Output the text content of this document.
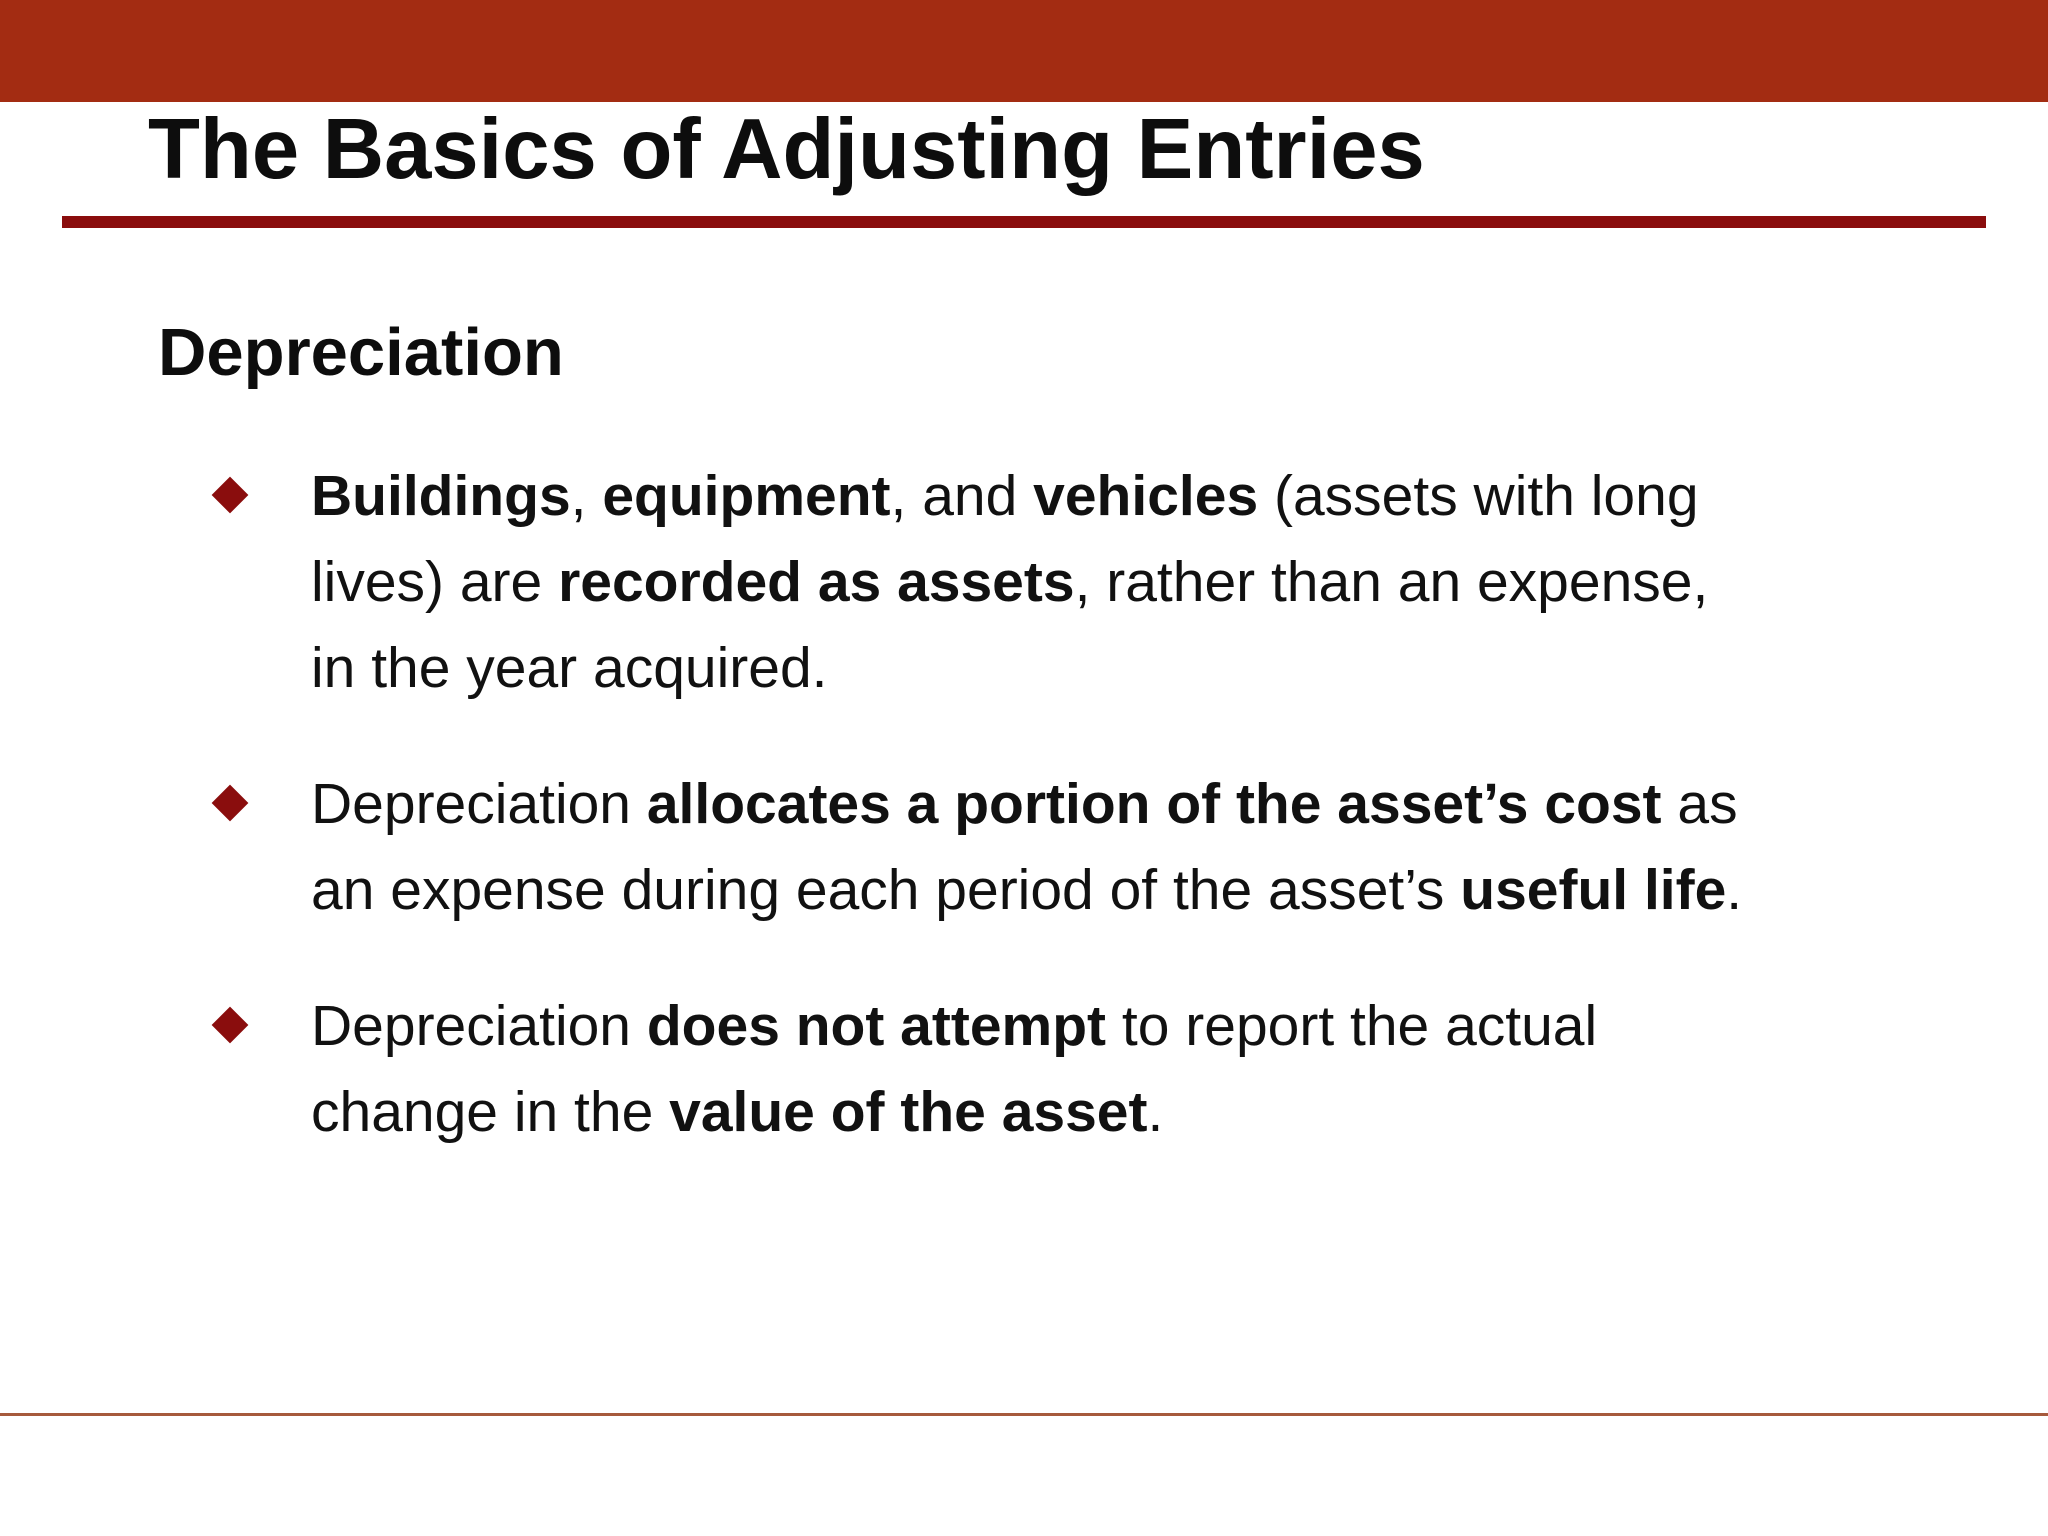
The Basics of Adjusting Entries
Depreciation
Buildings, equipment, and vehicles (assets with long
lives) are recorded as assets, rather than an expense,
in the year acquired.
Depreciation allocates a portion of the asset’s cost as
an expense during each period of the asset’s useful life.
Depreciation does not attempt to report the actual
change in the value of the asset.
